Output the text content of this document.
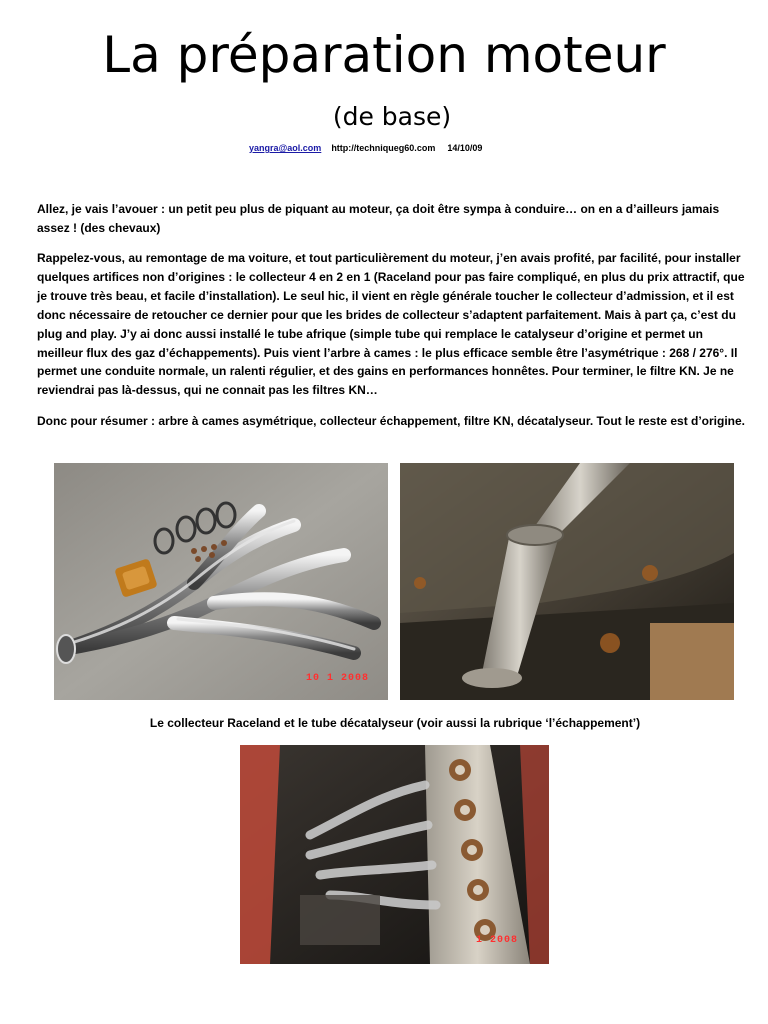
La préparation moteur
(de base)
yangra@aol.com http://techniqueg60.com 14/10/09

Allez, je vais l’avouer : un petit peu plus de piquant au moteur, ça doit être sympa à conduire… on en a d’ailleurs jamais assez ! (des chevaux)

Rappelez-vous, au remontage de ma voiture, et tout particulièrement du moteur, j’en avais profité, par facilité, pour installer quelques artifices non d’origines : le collecteur 4 en 2 en 1 (Raceland pour pas faire compliqué, en plus du prix attractif, que je trouve très beau, et facile d’installation). Le seul hic, il vient en règle générale toucher le collecteur d’admission, et il est donc nécessaire de retoucher ce dernier pour que les brides de collecteur s’adaptent parfaitement. Mais à part ça, c’est du plug and play. J’y ai donc aussi installé le tube afrique (simple tube qui remplace le catalyseur d’origine et permet un meilleur flux des gaz d’échappements). Puis vient l’arbre à cames : le plus efficace semble être l’asymétrique : 268 / 276°. Il permet une conduite normale, un ralenti régulier, et des gains en performances honnêtes. Pour terminer, le filtre KN. Je ne reviendrai pas là-dessus, qui ne connait pas les filtres KN…

Donc pour résumer : arbre à cames asymétrique, collecteur échappement, filtre KN, décatalyseur. Tout le reste est d’origine.

10 1 2008
Le collecteur Raceland et le tube décatalyseur (voir aussi la rubrique ‘l’échappement’)
1 2008
